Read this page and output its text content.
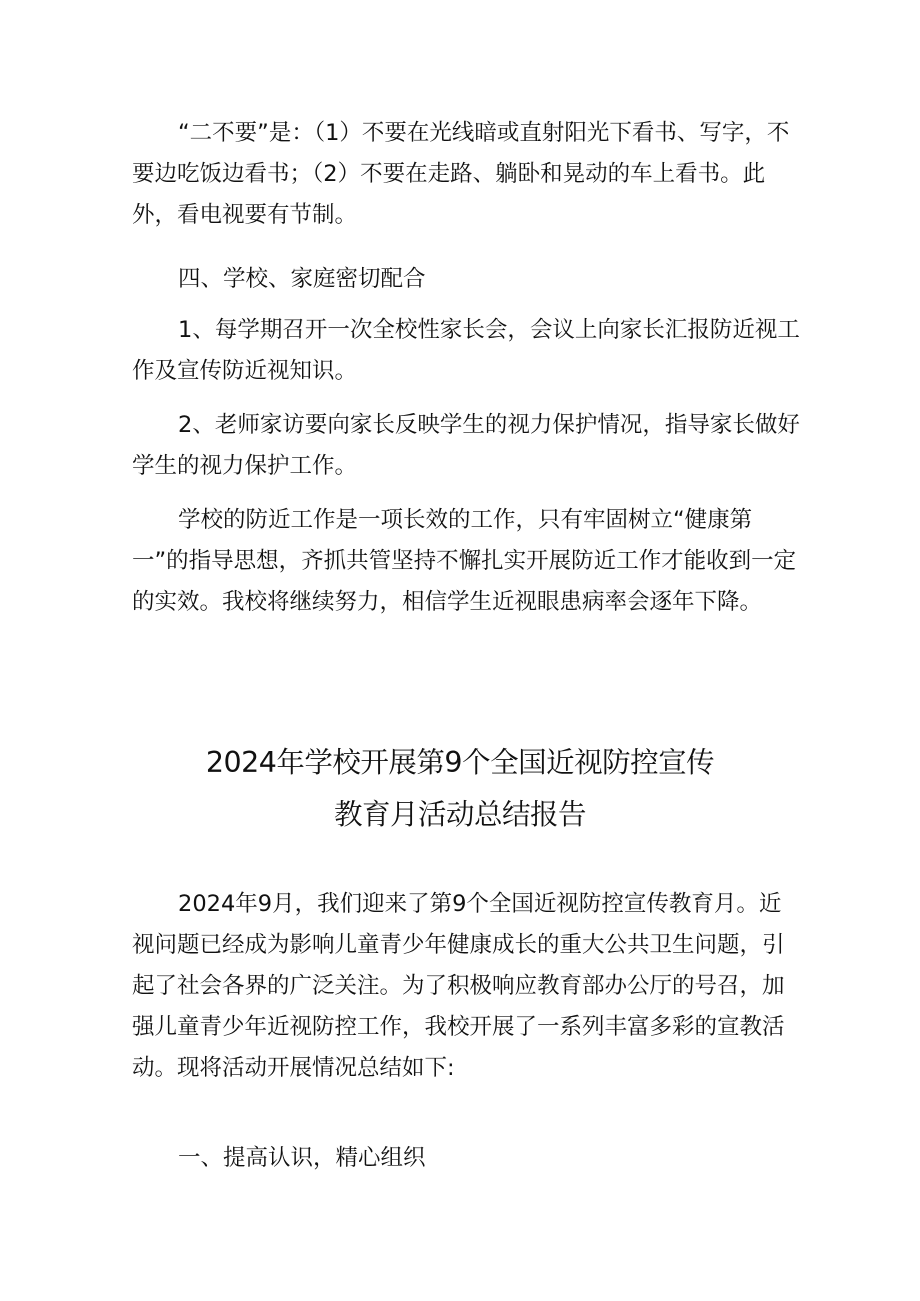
“二不要”是：（1）不要在光线暗或直射阳光下看书、写字，不要边吃饭边看书；（2）不要在走路、躺卧和晃动的车上看书。此外，看电视要有节制。

四、学校、家庭密切配合

1、每学期召开一次全校性家长会，会议上向家长汇报防近视工作及宣传防近视知识。

2、老师家访要向家长反映学生的视力保护情况，指导家长做好学生的视力保护工作。

学校的防近工作是一项长效的工作，只有牢固树立“健康第一”的指导思想，齐抓共管坚持不懈扎实开展防近工作才能收到一定的实效。我校将继续努力，相信学生近视眼患病率会逐年下降。

2024年学校开展第9个全国近视防控宣传

教育月活动总结报告

2024年9月，我们迎来了第9个全国近视防控宣传教育月。近视问题已经成为影响儿童青少年健康成长的重大公共卫生问题，引起了社会各界的广泛关注。为了积极响应教育部办公厅的号召，加强儿童青少年近视防控工作，我校开展了一系列丰富多彩的宣教活动。现将活动开展情况总结如下:

一、提高认识，精心组织
